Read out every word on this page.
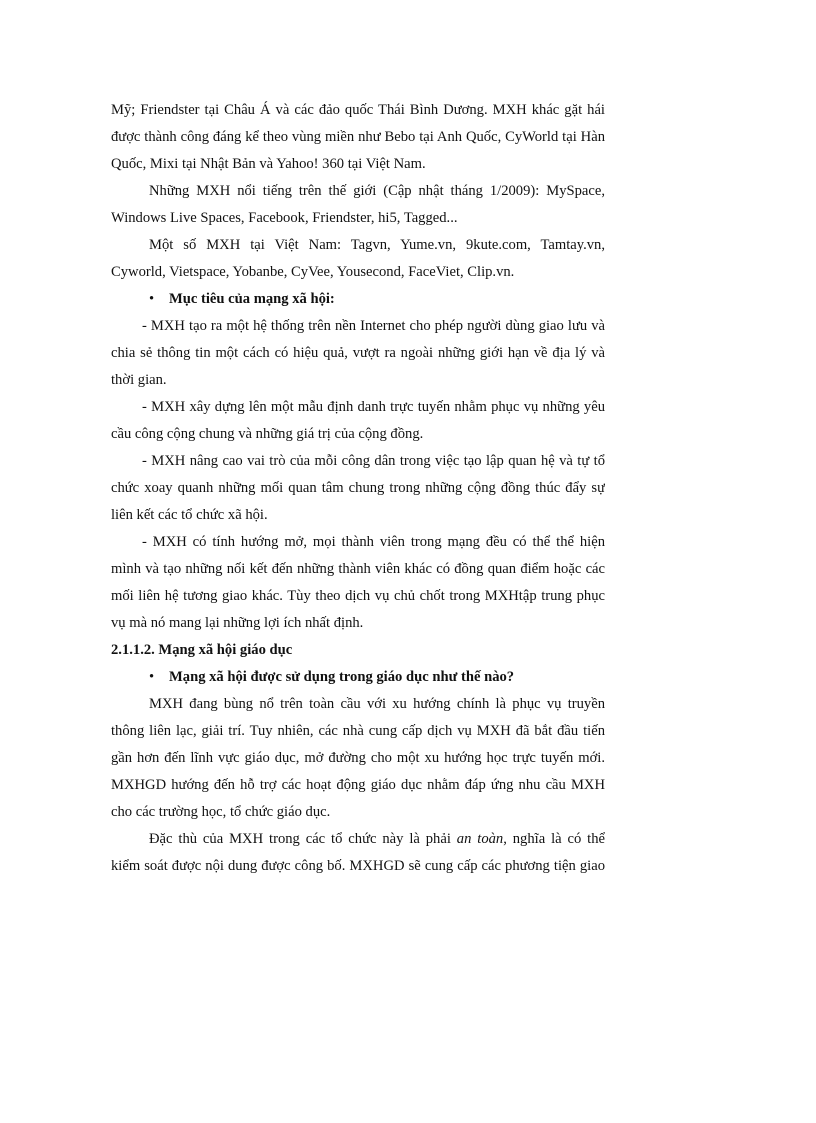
Mỹ; Friendster tại Châu Á và các đảo quốc Thái Bình Dương. MXH khác gặt hái
được thành công đáng kể theo vùng miền như Bebo tại Anh Quốc, CyWorld tại Hàn
Quốc, Mixi tại Nhật Bản và Yahoo! 360 tại Việt Nam.
Những MXH nổi tiếng trên thế giới (Cập nhật tháng 1/2009): MySpace,
Windows Live Spaces, Facebook, Friendster, hi5, Tagged...
Một số MXH tại Việt Nam: Tagvn, Yume.vn, 9kute.com, Tamtay.vn,
Cyworld, Vietspace, Yobanbe, CyVee, Yousecond, FaceViet, Clip.vn.
• Mục tiêu của mạng xã hội:
- MXH tạo ra một hệ thống trên nền Internet cho phép người dùng giao lưu và
chia sẻ thông tin một cách có hiệu quả, vượt ra ngoài những giới hạn về địa lý và
thời gian.
- MXH xây dựng lên một mẫu định danh trực tuyến nhằm phục vụ những yêu
cầu công cộng chung và những giá trị của cộng đồng.
- MXH nâng cao vai trò của mỗi công dân trong việc tạo lập quan hệ và tự tổ
chức xoay quanh những mối quan tâm chung trong những cộng đồng thúc đẩy sự
liên kết các tổ chức xã hội.
- MXH có tính hướng mở, mọi thành viên trong mạng đều có thể thể hiện
mình và tạo những nối kết đến những thành viên khác có đồng quan điểm hoặc các
mối liên hệ tương giao khác. Tùy theo dịch vụ chủ chốt trong MXHtập trung phục
vụ mà nó mang lại những lợi ích nhất định.
2.1.1.2. Mạng xã hội giáo dục
• Mạng xã hội được sử dụng trong giáo dục như thế nào?
MXH đang bùng nổ trên toàn cầu với xu hướng chính là phục vụ truyền
thông liên lạc, giải trí. Tuy nhiên, các nhà cung cấp dịch vụ MXH đã bắt đầu tiến
gần hơn đến lĩnh vực giáo dục, mở đường cho một xu hướng học trực tuyến mới.
MXHGD hướng đến hỗ trợ các hoạt động giáo dục nhằm đáp ứng nhu cầu MXH
cho các trường học, tổ chức giáo dục.
Đặc thù của MXH trong các tổ chức này là phải an toàn, nghĩa là có thể
kiểm soát được nội dung được công bố. MXHGD sẽ cung cấp các phương tiện giao
